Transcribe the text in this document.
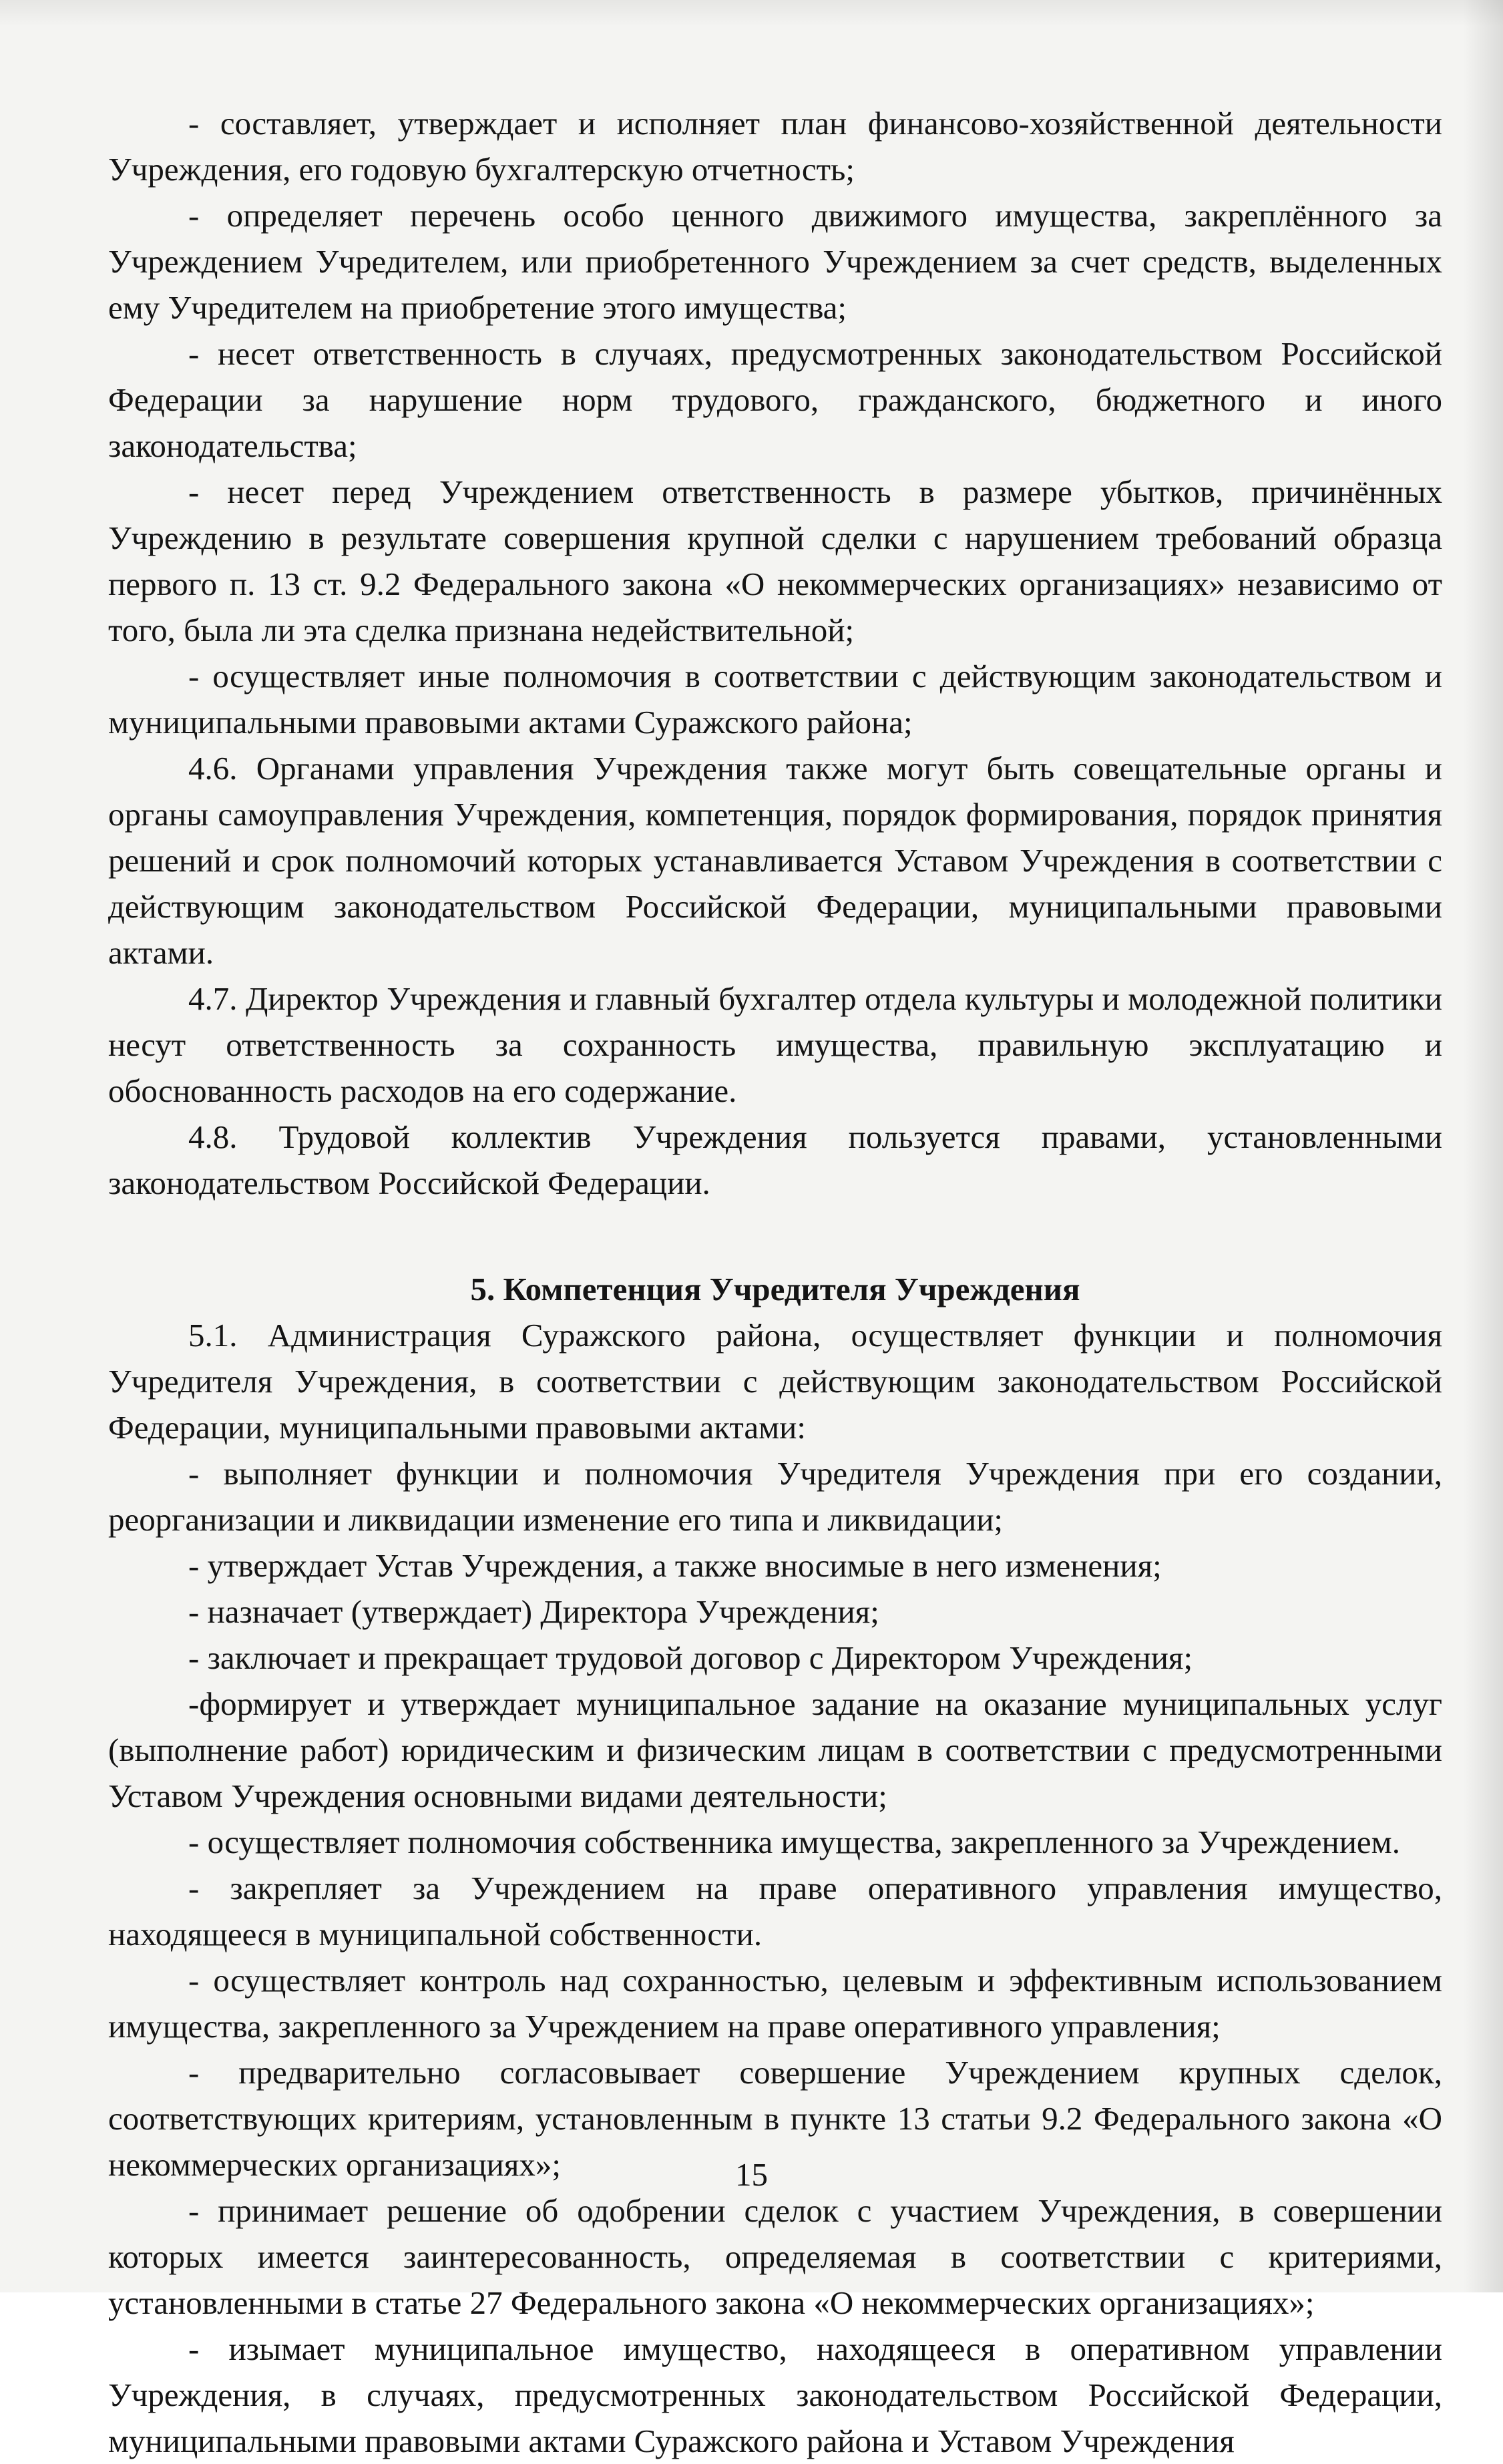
- составляет, утверждает и исполняет план финансово-хозяйственной деятельности Учреждения, его годовую бухгалтерскую отчетность;

- определяет перечень особо ценного движимого имущества, закреплённого за Учреждением Учредителем, или приобретенного Учреждением за счет средств, выделенных ему Учредителем на приобретение этого имущества;

- несет ответственность в случаях, предусмотренных законодательством Российской Федерации за нарушение норм трудового, гражданского, бюджетного и иного законодательства;

- несет перед Учреждением ответственность в размере убытков, причинённых Учреждению в результате совершения крупной сделки с нарушением требований образца первого п. 13 ст. 9.2 Федерального закона «О некоммерческих организациях» независимо от того, была ли эта сделка признана недействительной;

- осуществляет иные полномочия в соответствии с действующим законодательством и муниципальными правовыми актами Суражского района;

4.6. Органами управления Учреждения также могут быть совещательные органы и органы самоуправления Учреждения, компетенция, порядок формирования, порядок принятия решений и срок полномочий которых устанавливается Уставом Учреждения в соответствии с действующим законодательством Российской Федерации, муниципальными правовыми актами.

4.7. Директор Учреждения и главный бухгалтер отдела культуры и молодежной политики несут ответственность за сохранность имущества, правильную эксплуатацию и обоснованность расходов на его содержание.

4.8. Трудовой коллектив Учреждения пользуется правами, установленными законодательством Российской Федерации.

5. Компетенция Учредителя Учреждения

5.1. Администрация Суражского района, осуществляет функции и полномочия Учредителя Учреждения, в соответствии с действующим законодательством Российской Федерации, муниципальными правовыми актами:

- выполняет функции и полномочия Учредителя Учреждения при его создании, реорганизации и ликвидации изменение его типа и ликвидации;

- утверждает Устав Учреждения, а также вносимые в него изменения;

- назначает (утверждает) Директора Учреждения;

- заключает и прекращает трудовой договор с Директором Учреждения;

-формирует и утверждает муниципальное задание на оказание муниципальных услуг (выполнение работ) юридическим и физическим лицам в соответствии с предусмотренными Уставом Учреждения основными видами деятельности;

- осуществляет полномочия собственника имущества, закрепленного за Учреждением.

- закрепляет за Учреждением на праве оперативного управления имущество, находящееся в муниципальной собственности.

- осуществляет контроль над сохранностью, целевым и эффективным использованием имущества, закрепленного за Учреждением на праве оперативного управления;

- предварительно согласовывает совершение Учреждением крупных сделок, соответствующих критериям, установленным в пункте 13 статьи 9.2 Федерального закона «О некоммерческих организациях»;

- принимает решение об одобрении сделок с участием Учреждения, в совершении которых имеется заинтересованность, определяемая в соответствии с критериями, установленными в статье 27 Федерального закона «О некоммерческих организациях»;

- изымает муниципальное имущество, находящееся в оперативном управлении Учреждения, в случаях, предусмотренных законодательством Российской Федерации, муниципальными правовыми актами Суражского района и Уставом Учреждения

15
